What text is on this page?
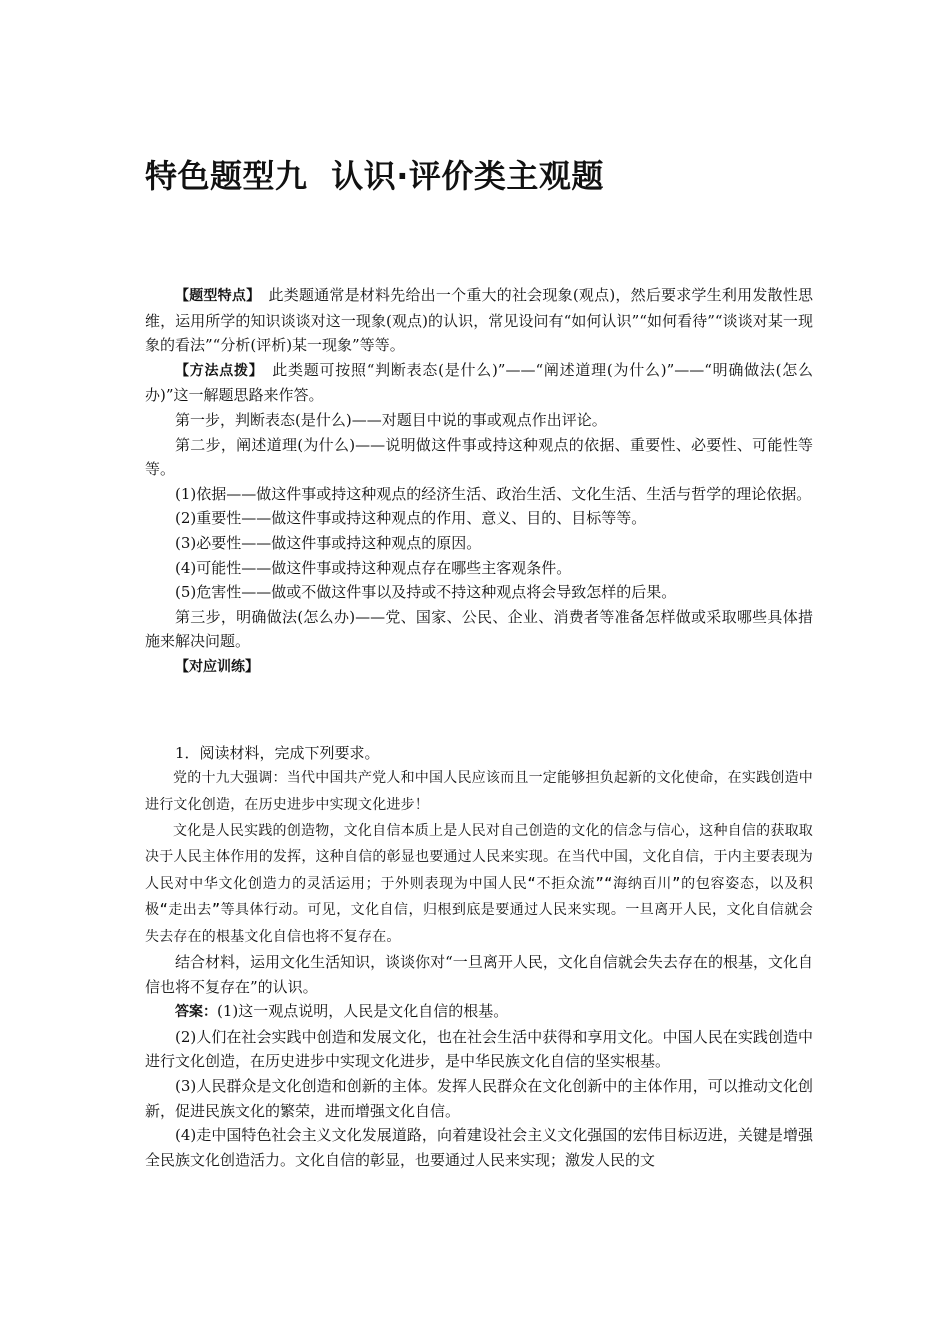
特色题型九	认识·评价类主观题

【题型特点】　 此类题通常是材料先给出一个重大的社会现象(观点)，然后要求学生利用发散性思维，运用所学的知识谈谈对这一现象(观点)的认识，常见设问有“如何认识”“如何看待”“谈谈对某一现象的看法”“分析(评析)某一现象”等等。

【方法点拨】　 此类题可按照“判断表态(是什么)”——“阐述道理(为什么)”——“明确做法(怎么办)”这一解题思路来作答。

第一步，判断表态(是什么)——对题目中说的事或观点作出评论。

第二步，阐述道理(为什么)——说明做这件事或持这种观点的依据、重要性、必要性、可能性等等。

(1)依据——做这件事或持这种观点的经济生活、政治生活、文化生活、生活与哲学的理论依据。

(2)重要性——做这件事或持这种观点的作用、意义、目的、目标等等。

(3)必要性——做这件事或持这种观点的原因。

(4)可能性——做这件事或持这种观点存在哪些主客观条件。

(5)危害性——做或不做这件事以及持或不持这种观点将会导致怎样的后果。

第三步，明确做法(怎么办)——党、国家、公民、企业、消费者等准备怎样做或采取哪些具体措施来解决问题。

【对应训练】

1．阅读材料，完成下列要求。

党的十九大强调：当代中国共产党人和中国人民应该而且一定能够担负起新的文化使命，在实践创造中进行文化创造，在历史进步中实现文化进步！

文化是人民实践的创造物，文化自信本质上是人民对自己创造的文化的信念与信心，这种自信的获取取决于人民主体作用的发挥，这种自信的彰显也要通过人民来实现。在当代中国，文化自信，于内主要表现为人民对中华文化创造力的灵活运用；于外则表现为中国人民“不拒众流”“海纳百川”的包容姿态，以及积极“走出去”等具体行动。可见，文化自信，归根到底是要通过人民来实现。一旦离开人民，文化自信就会失去存在的根基文化自信也将不复存在。

结合材料，运用文化生活知识，谈谈你对“一旦离开人民，文化自信就会失去存在的根基，文化自信也将不复存在”的认识。

答案：(1)这一观点说明，人民是文化自信的根基。

(2)人们在社会实践中创造和发展文化，也在社会生活中获得和享用文化。中国人民在实践创造中进行文化创造，在历史进步中实现文化进步，是中华民族文化自信的坚实根基。

(3)人民群众是文化创造和创新的主体。发挥人民群众在文化创新中的主体作用，可以推动文化创新，促进民族文化的繁荣，进而增强文化自信。

(4)走中国特色社会主义文化发展道路，向着建设社会主义文化强国的宏伟目标迈进，关键是增强全民族文化创造活力。文化自信的彰显，也要通过人民来实现；激发人民的文
